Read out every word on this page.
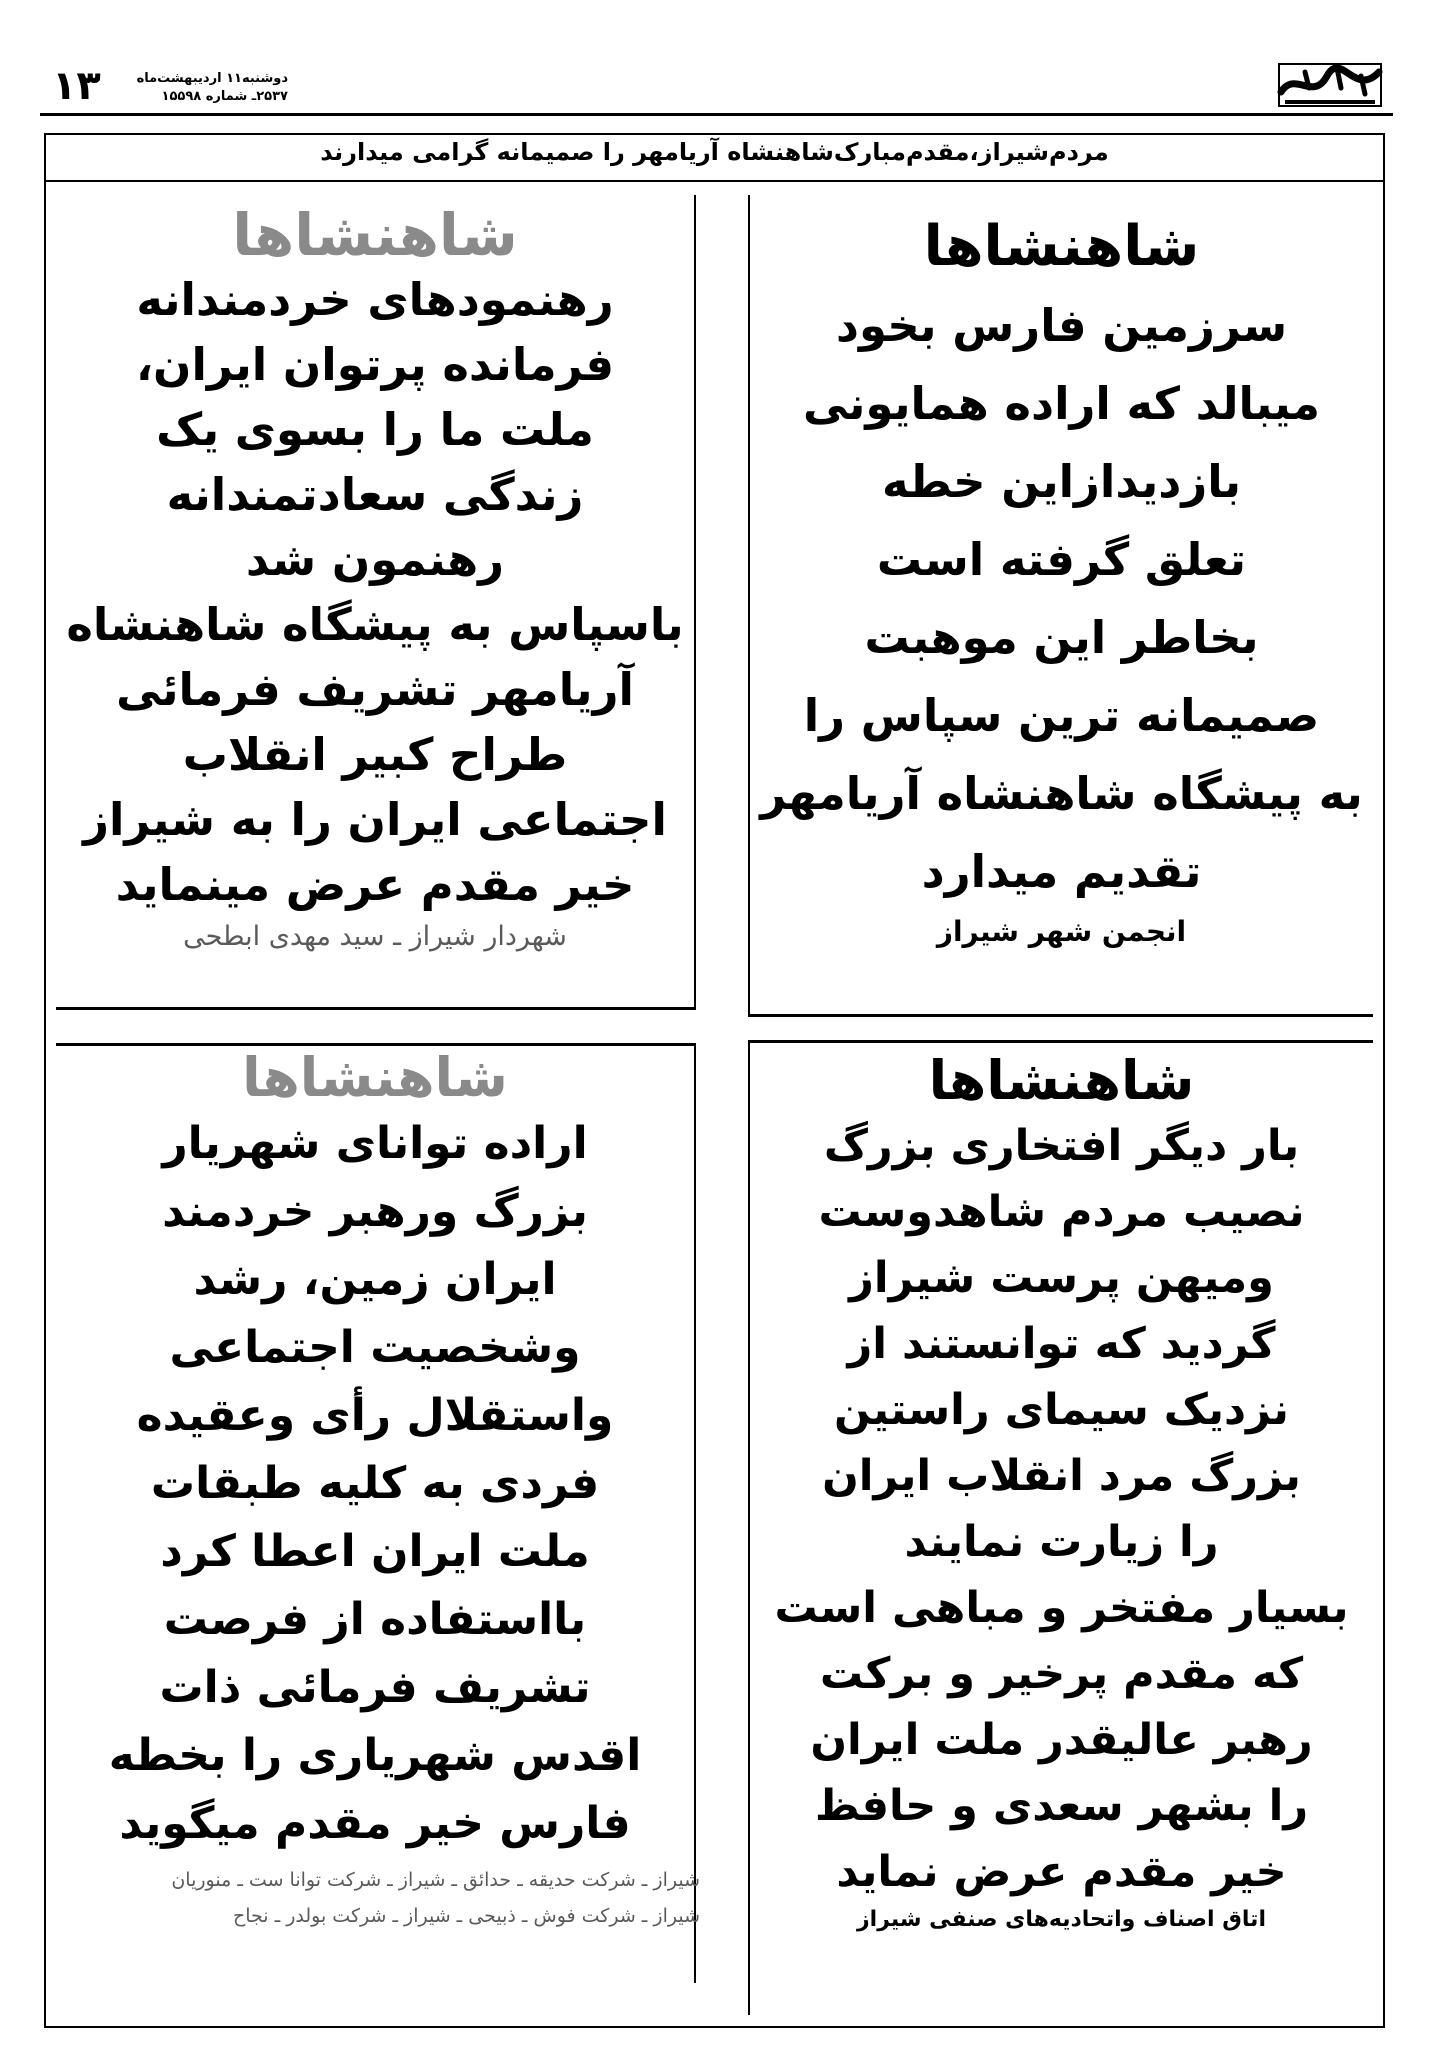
۱۳	دوشنبه۱۱ اردیبهشت‌ماه
۲۵۳۷ـ شماره ۱۵۵۹۸
مردم‌شیراز،مقدم‌مبارک‌شاهنشاه آریامهر را صمیمانه گرامی میدارند
شاهنشاها
سرزمین فارس بخود
میبالد که اراده همایونی
بازدیدازاین خطه
تعلق گرفته است
بخاطر این موهبت
صمیمانه ترین سپاس را
به پیشگاه شاهنشاه آریامهر
تقدیم میدارد
انجمن شهر شیراز
شاهنشاها
رهنمودهای خردمندانه
فرمانده پرتوان ایران،
ملت ما را بسوی یک
زندگی سعادتمندانه
رهنمون شد
باسپاس به پیشگاه شاهنشاه
آریامهر تشریف فرمائی
طراح کبیر انقلاب
اجتماعی ایران را به شیراز
خیر مقدم عرض مینماید
شهردار شیراز ـ سید مهدی ابطحی
شاهنشاها
بار دیگر افتخاری بزرگ
نصیب مردم شاهدوست
ومیهن پرست شیراز
گردید که توانستند از
نزدیک سیمای راستین
بزرگ مرد انقلاب ایران
را زیارت نمایند
بسیار مفتخر و مباهی است
که مقدم پرخیر و برکت
رهبر عالیقدر ملت ایران
را بشهر سعدی و حافظ
خیر مقدم عرض نماید
اتاق اصناف واتحادیه‌های صنفی شیراز
شاهنشاها
اراده توانای شهریار
بزرگ ورهبر خردمند
ایران زمین، رشد
وشخصیت اجتماعی
واستقلال رأی وعقیده
فردی به کلیه طبقات
ملت ایران اعطا کرد
بااستفاده از فرصت
تشریف فرمائی ذات
اقدس شهریاری را بخطه
فارس خیر مقدم میگوید
شیراز ـ شرکت حدیقه ـ حدائق ـ شیراز ـ شرکت توانا ست ـ منوریان
شیراز ـ شرکت فوش ـ ذبیحی ـ شیراز ـ شرکت بولدر ـ نجاح
